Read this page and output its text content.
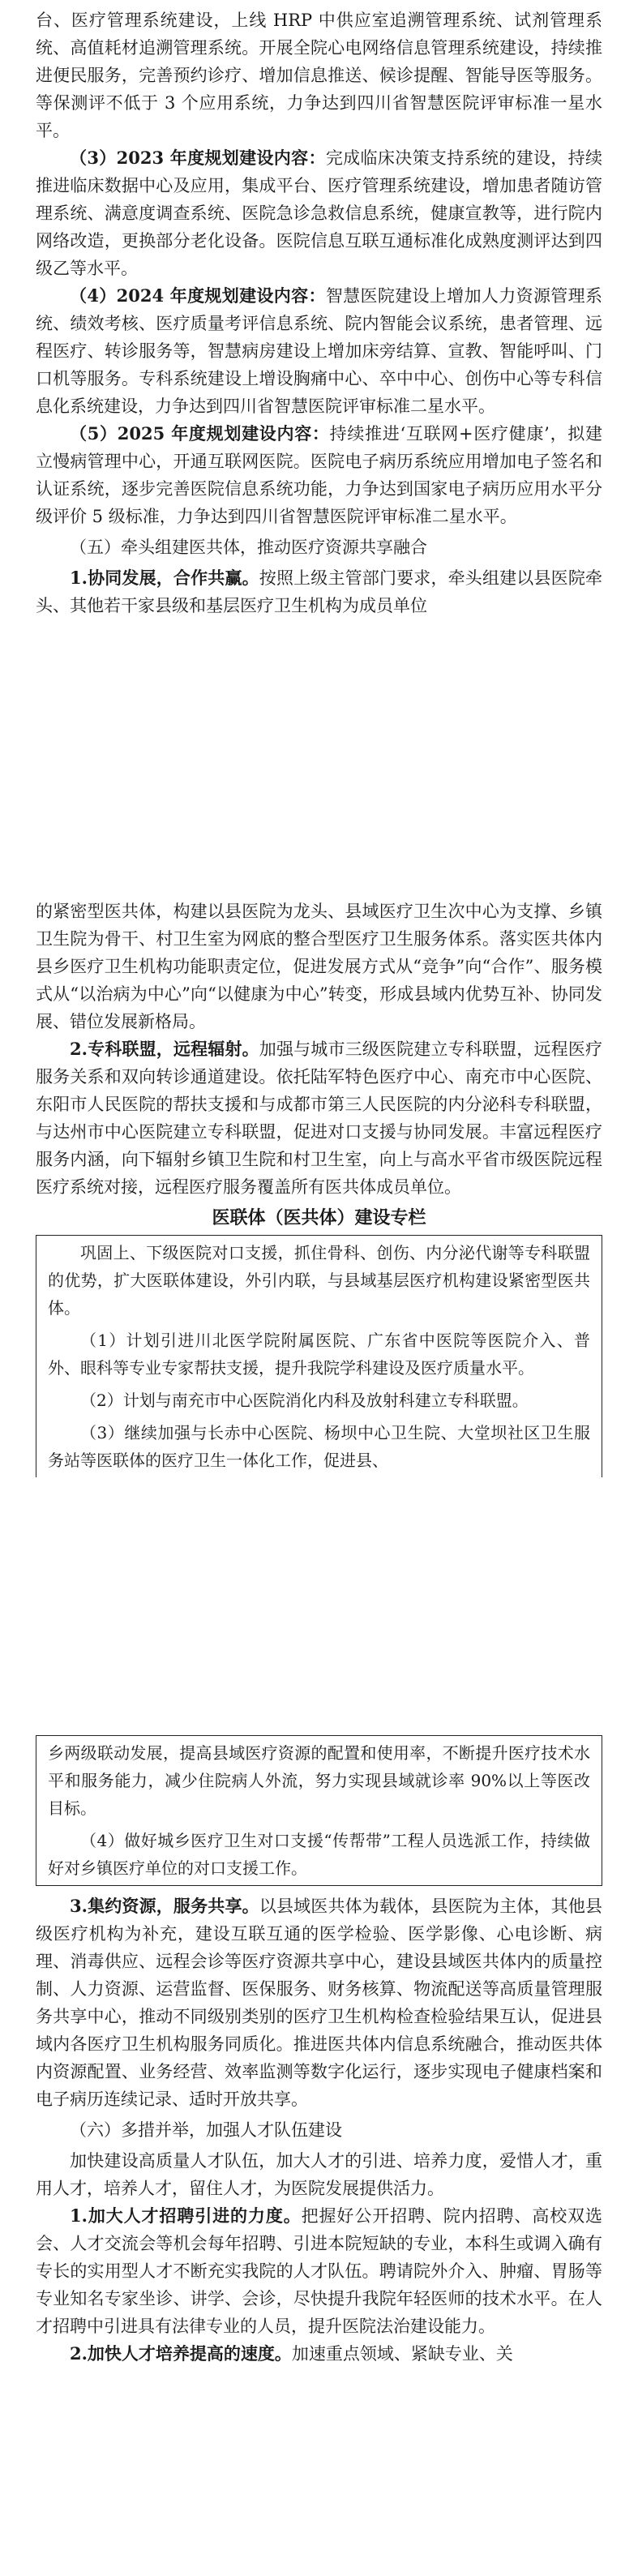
台、医疗管理系统建设，上线 HRP 中供应室追溯管理系统、试剂管理系统、高值耗材追溯管理系统。开展全院心电网络信息管理系统建设，持续推进便民服务，完善预约诊疗、增加信息推送、候诊提醒、智能导医等服务。等保测评不低于 3 个应用系统，力争达到四川省智慧医院评审标准一星水平。

（3）2023 年度规划建设内容：完成临床决策支持系统的建设，持续推进临床数据中心及应用，集成平台、医疗管理系统建设，增加患者随访管理系统、满意度调查系统、医院急诊急救信息系统，健康宣教等，进行院内网络改造，更换部分老化设备。医院信息互联互通标准化成熟度测评达到四级乙等水平。

（4）2024 年度规划建设内容：智慧医院建设上增加人力资源管理系统、绩效考核、医疗质量考评信息系统、院内智能会议系统，患者管理、远程医疗、转诊服务等，智慧病房建设上增加床旁结算、宣教、智能呼叫、门口机等服务。专科系统建设上增设胸痛中心、卒中中心、创伤中心等专科信息化系统建设，力争达到四川省智慧医院评审标准二星水平。

（5）2025 年度规划建设内容：持续推进‘互联网+医疗健康’，拟建立慢病管理中心，开通互联网医院。医院电子病历系统应用增加电子签名和认证系统，逐步完善医院信息系统功能，力争达到国家电子病历应用水平分级评价 5 级标准，力争达到四川省智慧医院评审标准二星水平。

（五）牵头组建医共体，推动医疗资源共享融合

1.协同发展，合作共赢。按照上级主管部门要求，牵头组建以县医院牵头、其他若干家县级和基层医疗卫生机构为成员单位

的紧密型医共体，构建以县医院为龙头、县域医疗卫生次中心为支撑、乡镇卫生院为骨干、村卫生室为网底的整合型医疗卫生服务体系。落实医共体内县乡医疗卫生机构功能职责定位，促进发展方式从“竞争”向“合作”、服务模式从“以治病为中心”向“以健康为中心”转变，形成县域内优势互补、协同发展、错位发展新格局。

2.专科联盟，远程辐射。加强与城市三级医院建立专科联盟，远程医疗服务关系和双向转诊通道建设。依托陆军特色医疗中心、南充市中心医院、东阳市人民医院的帮扶支援和与成都市第三人民医院的内分泌科专科联盟，与达州市中心医院建立专科联盟，促进对口支援与协同发展。丰富远程医疗服务内涵，向下辐射乡镇卫生院和村卫生室，向上与高水平省市级医院远程医疗系统对接，远程医疗服务覆盖所有医共体成员单位。

医联体（医共体）建设专栏

巩固上、下级医院对口支援，抓住骨科、创伤、内分泌代谢等专科联盟的优势，扩大医联体建设，外引内联，与县域基层医疗机构建设紧密型医共体。

（1）计划引进川北医学院附属医院、广东省中医院等医院介入、普外、眼科等专业专家帮扶支援，提升我院学科建设及医疗质量水平。

（2）计划与南充市中心医院消化内科及放射科建立专科联盟。

（3）继续加强与长赤中心医院、杨坝中心卫生院、大堂坝社区卫生服务站等医联体的医疗卫生一体化工作，促进县、

乡两级联动发展，提高县域医疗资源的配置和使用率，不断提升医疗技术水平和服务能力，减少住院病人外流，努力实现县域就诊率 90%以上等医改目标。

（4）做好城乡医疗卫生对口支援“传帮带”工程人员选派工作，持续做好对乡镇医疗单位的对口支援工作。

3.集约资源，服务共享。以县域医共体为载体，县医院为主体，其他县级医疗机构为补充，建设互联互通的医学检验、医学影像、心电诊断、病理、消毒供应、远程会诊等医疗资源共享中心，建设县域医共体内的质量控制、人力资源、运营监督、医保服务、财务核算、物流配送等高质量管理服务共享中心，推动不同级别类别的医疗卫生机构检查检验结果互认，促进县域内各医疗卫生机构服务同质化。推进医共体内信息系统融合，推动医共体内资源配置、业务经营、效率监测等数字化运行，逐步实现电子健康档案和电子病历连续记录、适时开放共享。

（六）多措并举，加强人才队伍建设

加快建设高质量人才队伍，加大人才的引进、培养力度，爱惜人才，重用人才，培养人才，留住人才，为医院发展提供活力。

1.加大人才招聘引进的力度。把握好公开招聘、院内招聘、高校双选会、人才交流会等机会每年招聘、引进本院短缺的专业，本科生或调入确有专长的实用型人才不断充实我院的人才队伍。聘请院外介入、肿瘤、胃肠等专业知名专家坐诊、讲学、会诊，尽快提升我院年轻医师的技术水平。在人才招聘中引进具有法律专业的人员，提升医院法治建设能力。

2.加快人才培养提高的速度。加速重点领域、紧缺专业、关
